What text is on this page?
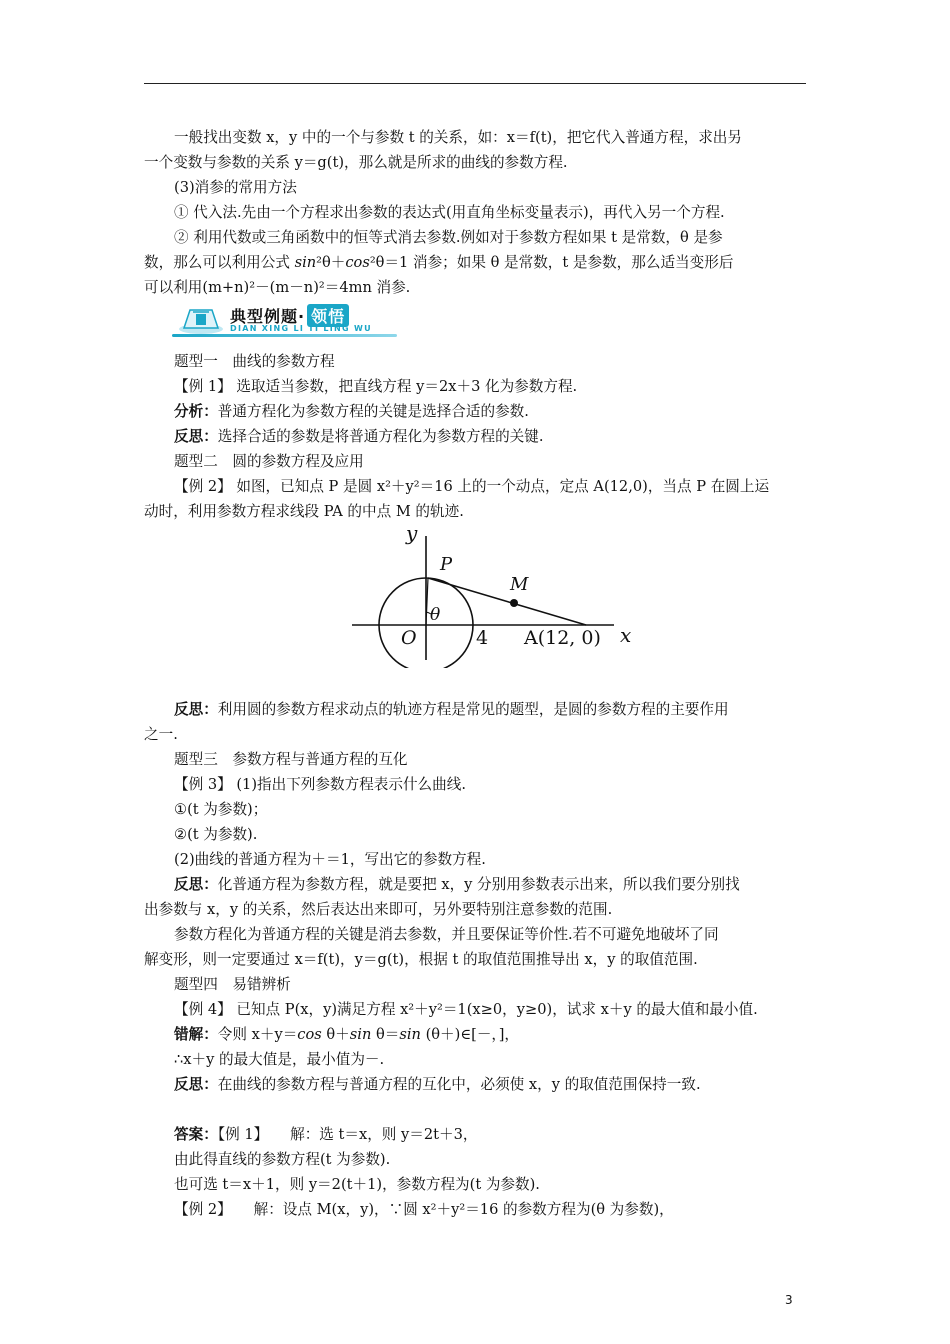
一般找出变数 x，y 中的一个与参数 t 的关系，如：x＝f(t)，把它代入普通方程，求出另
一个变数与参数的关系 y＝g(t)，那么就是所求的曲线的参数方程.
(3)消参的常用方法
① 代入法.先由一个方程求出参数的表达式(用直角坐标变量表示)，再代入另一个方程.
② 利用代数或三角函数中的恒等式消去参数.例如对于参数方程如果 t 是常数，θ 是参
数，那么可以利用公式 sin²θ＋cos²θ＝1 消参；如果 θ 是常数，t 是参数，那么适当变形后
可以利用(m+n)²－(m－n)²＝4mn 消参.
典型例题· 领悟
DIAN XING LI TI LING WU
题型一　曲线的参数方程
【例 1】 选取适当参数，把直线方程 y＝2x＋3 化为参数方程.
分析：普通方程化为参数方程的关键是选择合适的参数.
反思：选择合适的参数是将普通方程化为参数方程的关键.
题型二　圆的参数方程及应用
【例 2】 如图，已知点 P 是圆 x²＋y²＝16 上的一个动点，定点 A(12,0)，当点 P 在圆上运
动时，利用参数方程求线段 PA 的中点 M 的轨迹.
y
x
P
M
θ
O	4 A(12, 0)
反思：利用圆的参数方程求动点的轨迹方程是常见的题型，是圆的参数方程的主要作用
之一.
题型三　参数方程与普通方程的互化
【例 3】 (1)指出下列参数方程表示什么曲线.
①(t 为参数)；
②(t 为参数).
(2)曲线的普通方程为＋＝1，写出它的参数方程.
反思：化普通方程为参数方程，就是要把 x，y 分别用参数表示出来，所以我们要分别找
出参数与 x，y 的关系，然后表达出来即可，另外要特别注意参数的范围.
参数方程化为普通方程的关键是消去参数，并且要保证等价性.若不可避免地破坏了同
解变形，则一定要通过 x＝f(t)，y＝g(t)，根据 t 的取值范围推导出 x，y 的取值范围.
题型四　易错辨析
【例 4】 已知点 P(x，y)满足方程 x²＋y²＝1(x≥0，y≥0)，试求 x＋y 的最大值和最小值.
错解：令则 x＋y＝cos θ＋sin θ＝sin (θ＋)∈[－，]，
∴x＋y 的最大值是，最小值为－.
反思：在曲线的参数方程与普通方程的互化中，必须使 x，y 的取值范围保持一致.
答案：【例 1】　　解：选 t＝x，则 y＝2t＋3，
由此得直线的参数方程(t 为参数).
也可选 t＝x＋1，则 y＝2(t＋1)，参数方程为(t 为参数).
【例 2】　　解：设点 M(x，y)，∵圆 x²＋y²＝16 的参数方程为(θ 为参数)，
3
